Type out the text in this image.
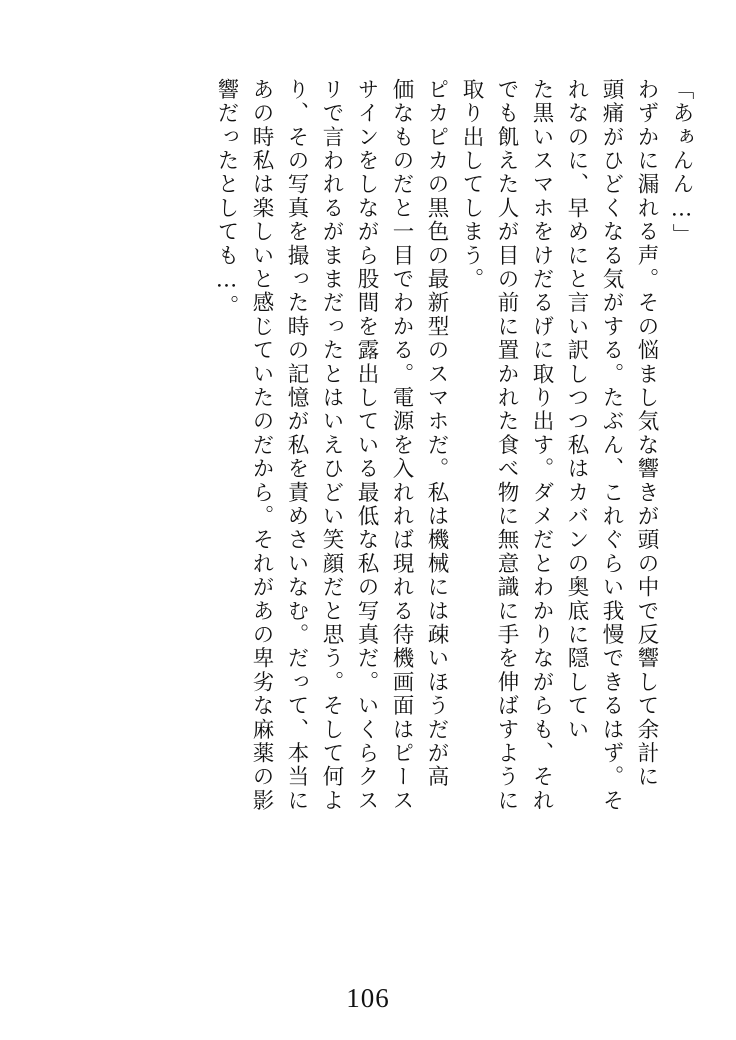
「あぁんん…」
わずかに漏れる声。その悩まし気な響きが頭の中で反響して余計に
頭痛がひどくなる気がする。たぶん、これぐらい我慢できるはず。そ
れなのに、早めにと言い訳しつつ私はカバンの奥底に隠してい
た黒いスマホをけだるげに取り出す。ダメだとわかりながらも、それ
でも飢えた人が目の前に置かれた食べ物に無意識に手を伸ばすように
取り出してしまう。
ピカピカの黒色の最新型のスマホだ。私は機械には疎いほうだが高
価なものだと一目でわかる。電源を入れれば現れる待機画面はピース
サインをしながら股間を露出している最低な私の写真だ。いくらクス
リで言われるがままだったとはいえひどい笑顔だと思う。そして何よ
り、その写真を撮った時の記憶が私を責めさいなむ。だって、本当に
あの時私は楽しいと感じていたのだから。それがあの卑劣な麻薬の影
響だったとしても…。
106
